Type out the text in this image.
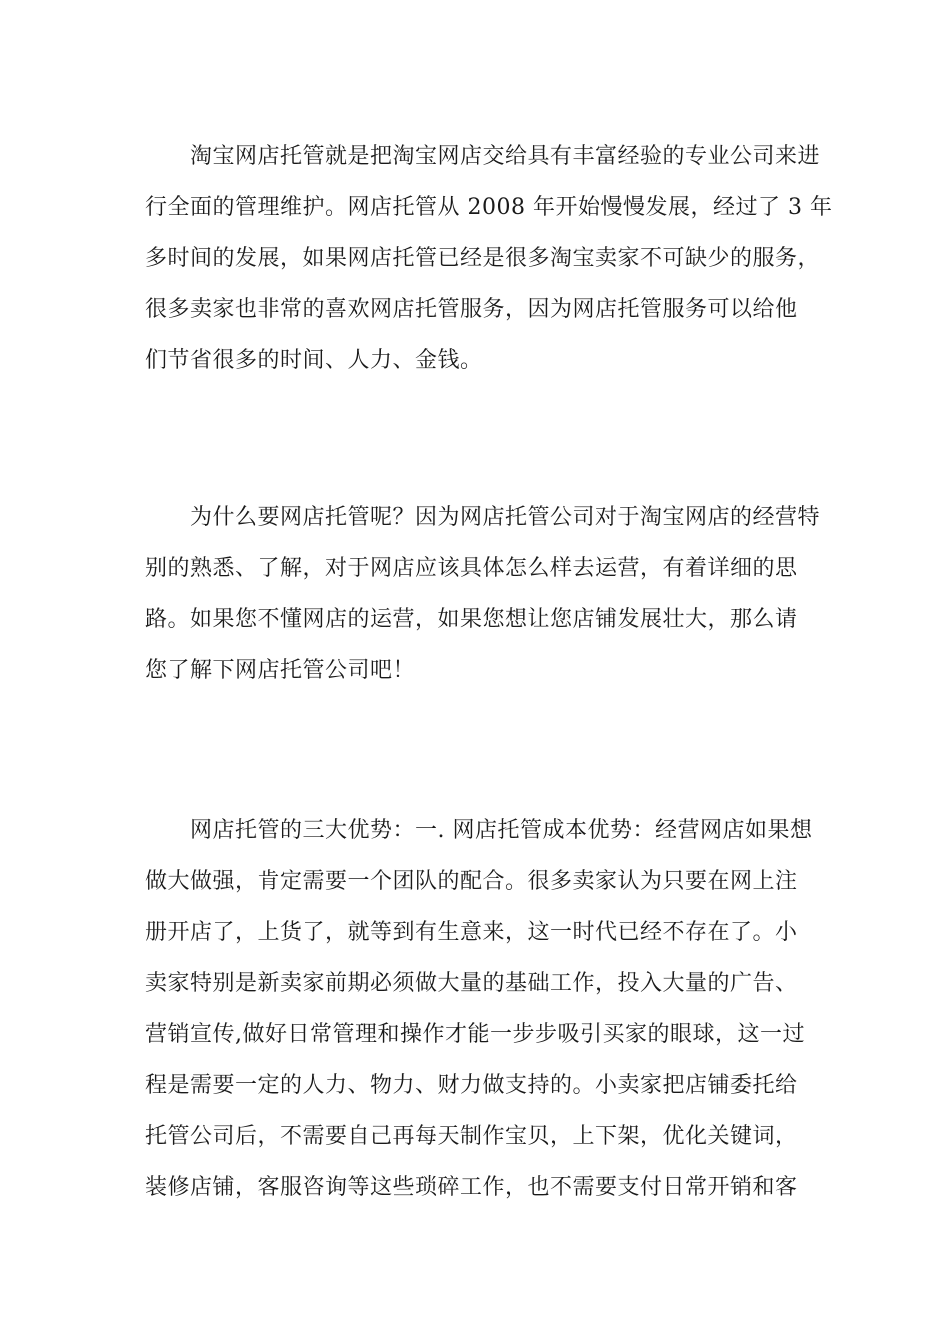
　　淘宝网店托管就是把淘宝网店交给具有丰富经验的专业公司来进
行全面的管理维护。网店托管从 2008 年开始慢慢发展，经过了 3 年
多时间的发展，如果网店托管已经是很多淘宝卖家不可缺少的服务，
很多卖家也非常的喜欢网店托管服务，因为网店托管服务可以给他
们节省很多的时间、人力、金钱。
　　为什么要网店托管呢？因为网店托管公司对于淘宝网店的经营特
别的熟悉、了解，对于网店应该具体怎么样去运营，有着详细的思
路。如果您不懂网店的运营，如果您想让您店铺发展壮大，那么请
您了解下网店托管公司吧！
　　网店托管的三大优势：一. 网店托管成本优势：经营网店如果想
做大做强，肯定需要一个团队的配合。很多卖家认为只要在网上注
册开店了，上货了，就等到有生意来，这一时代已经不存在了。小
卖家特别是新卖家前期必须做大量的基础工作，投入大量的广告、
营销宣传,做好日常管理和操作才能一步步吸引买家的眼球，这一过
程是需要一定的人力、物力、财力做支持的。小卖家把店铺委托给
托管公司后，不需要自己再每天制作宝贝，上下架，优化关键词，
装修店铺，客服咨询等这些琐碎工作，也不需要支付日常开销和客
